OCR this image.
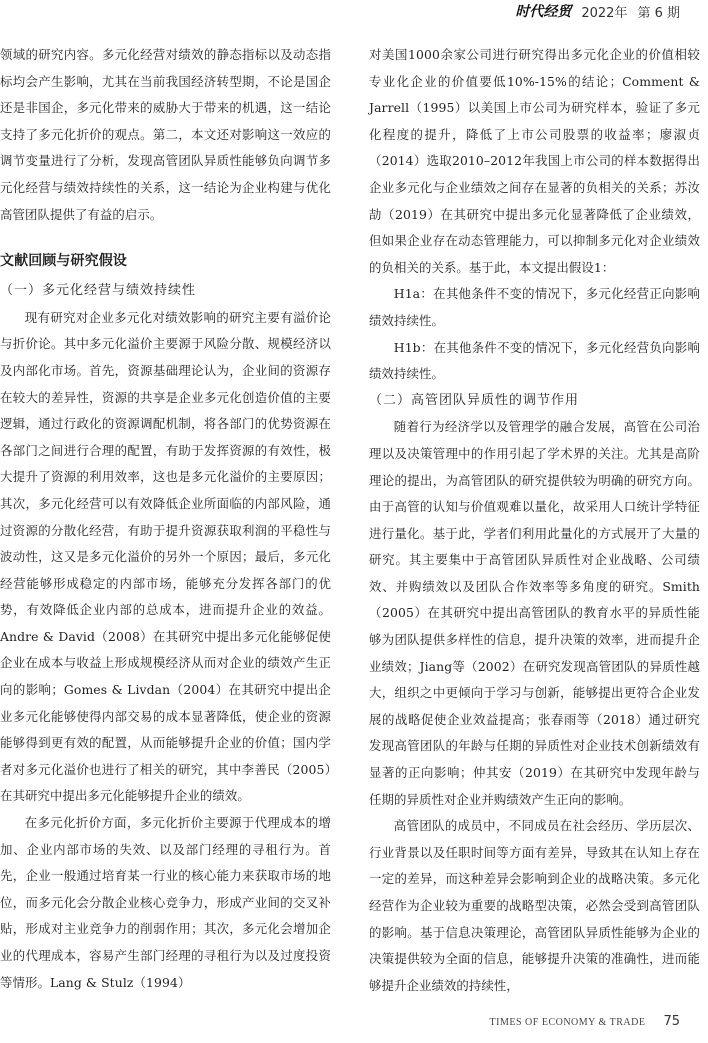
时代经贸 2022年 第 6 期

领域的研究内容。多元化经营对绩效的静态指标以及动态指标均会产生影响，尤其在当前我国经济转型期，不论是国企还是非国企，多元化带来的威胁大于带来的机遇，这一结论支持了多元化折价的观点。第二，本文还对影响这一效应的调节变量进行了分析，发现高管团队异质性能够负向调节多元化经营与绩效持续性的关系，这一结论为企业构建与优化高管团队提供了有益的启示。

文献回顾与研究假设

（一）多元化经营与绩效持续性

现有研究对企业多元化对绩效影响的研究主要有溢价论与折价论。其中多元化溢价主要源于风险分散、规模经济以及内部化市场。首先，资源基础理论认为，企业间的资源存在较大的差异性，资源的共享是企业多元化创造价值的主要逻辑，通过行政化的资源调配机制，将各部门的优势资源在各部门之间进行合理的配置，有助于发挥资源的有效性，极大提升了资源的利用效率，这也是多元化溢价的主要原因；其次，多元化经营可以有效降低企业所面临的内部风险，通过资源的分散化经营，有助于提升资源获取利润的平稳性与波动性，这又是多元化溢价的另外一个原因；最后，多元化经营能够形成稳定的内部市场，能够充分发挥各部门的优势，有效降低企业内部的总成本，进而提升企业的效益。Andre & David（2008）在其研究中提出多元化能够促使企业在成本与收益上形成规模经济从而对企业的绩效产生正向的影响；Gomes & Livdan（2004）在其研究中提出企业多元化能够使得内部交易的成本显著降低，使企业的资源能够得到更有效的配置，从而能够提升企业的价值；国内学者对多元化溢价也进行了相关的研究，其中李善民（2005）在其研究中提出多元化能够提升企业的绩效。

在多元化折价方面，多元化折价主要源于代理成本的增加、企业内部市场的失效、以及部门经理的寻租行为。首先，企业一般通过培育某一行业的核心能力来获取市场的地位，而多元化会分散企业核心竞争力，形成产业间的交叉补贴，形成对主业竞争力的削弱作用；其次，多元化会增加企业的代理成本，容易产生部门经理的寻租行为以及过度投资等情形。Lang & Stulz（1994）

对美国1000余家公司进行研究得出多元化企业的价值相较专业化企业的价值要低10%-15%的结论；Comment & Jarrell（1995）以美国上市公司为研究样本，验证了多元化程度的提升，降低了上市公司股票的收益率；廖淑贞（2014）选取2010–2012年我国上市公司的样本数据得出企业多元化与企业绩效之间存在显著的负相关的关系；苏汝劼（2019）在其研究中提出多元化显著降低了企业绩效，但如果企业存在动态管理能力，可以抑制多元化对企业绩效的负相关的关系。基于此，本文提出假设1：

H1a：在其他条件不变的情况下，多元化经营正向影响绩效持续性。

H1b：在其他条件不变的情况下，多元化经营负向影响绩效持续性。

（二）高管团队异质性的调节作用

随着行为经济学以及管理学的融合发展，高管在公司治理以及决策管理中的作用引起了学术界的关注。尤其是高阶理论的提出，为高管团队的研究提供较为明确的研究方向。由于高管的认知与价值观难以量化，故采用人口统计学特征进行量化。基于此，学者们利用此量化的方式展开了大量的研究。其主要集中于高管团队异质性对企业战略、公司绩效、并购绩效以及团队合作效率等多角度的研究。Smith（2005）在其研究中提出高管团队的教育水平的异质性能够为团队提供多样性的信息，提升决策的效率，进而提升企业绩效；Jiang等（2002）在研究发现高管团队的异质性越大，组织之中更倾向于学习与创新，能够提出更符合企业发展的战略促使企业效益提高；张春雨等（2018）通过研究发现高管团队的年龄与任期的异质性对企业技术创新绩效有显著的正向影响；仲其安（2019）在其研究中发现年龄与任期的异质性对企业并购绩效产生正向的影响。

高管团队的成员中，不同成员在社会经历、学历层次、行业背景以及任职时间等方面有差异，导致其在认知上存在一定的差异，而这种差异会影响到企业的战略决策。多元化经营作为企业较为重要的战略型决策，必然会受到高管团队的影响。基于信息决策理论，高管团队异质性能够为企业的决策提供较为全面的信息，能够提升决策的准确性，进而能够提升企业绩效的持续性，

TIMES OF ECONOMY & TRADE 75
